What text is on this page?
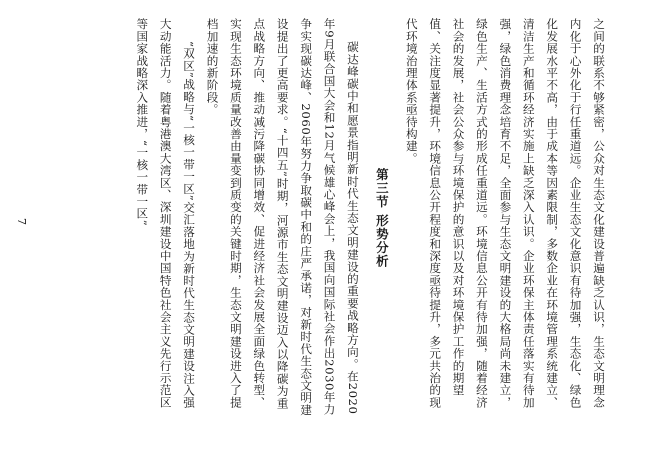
之间的联系不够紧密，公众对生态文化建设普遍缺乏认识，生态文明理念内化于心外化于行任重道远。企业生态文化意识有待加强，生态化、绿色化发展水平不高，由于成本等因素限制，多数企业在环境管理系统建立、清洁生产和循环经济实施上缺乏深入认识。企业环保主体责任落实有待加强，绿色消费理念培育不足，全面参与生态文明建设的大格局尚未建立，绿色生产、生活方式的形成任重道远。环境信息公开有待加强，随着经济社会的发展，社会公众参与环境保护的意识以及对环境保护工作的期望值、关注度显著提升，环境信息公开程度和深度亟待提升，多元共治的现代环境治理体系亟待构建。

第三节 形势分析

碳达峰碳中和愿景指明新时代生态文明建设的重要战略方向。在2020年9月联合国大会和12月气候雄心峰会上，我国向国际社会作出2030年力争实现碳达峰、2060年努力争取碳中和的庄严承诺，对新时代生态文明建设提出了更高要求。“十四五”时期，河源市生态文明建设迈入以降碳为重点战略方向、推动减污降碳协同增效、促进经济社会发展全面绿色转型、实现生态环境质量改善由量变到质变的关键时期，生态文明建设进入了提档加速的新阶段。

“双区”战略与“一核一带一区”交汇落地为新时代生态文明建设注入强大动能活力。随着粤港澳大湾区、深圳建设中国特色社会主义先行示范区等国家战略深入推进，“一核一带一区”

7
